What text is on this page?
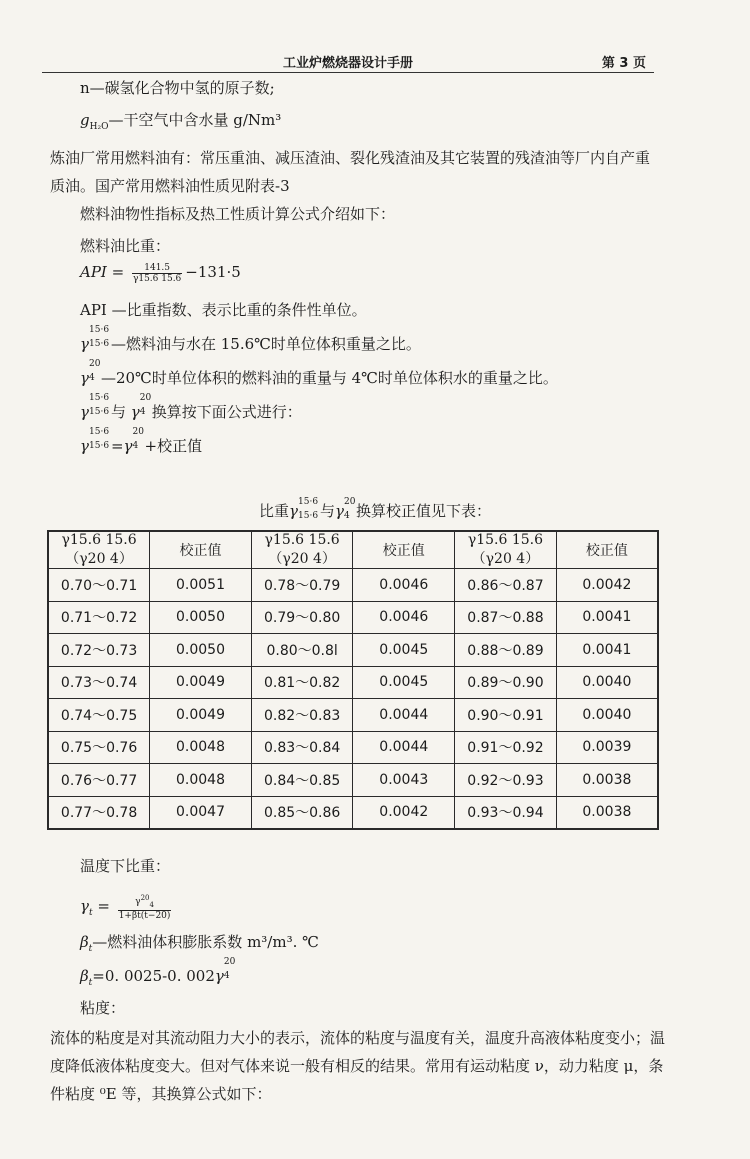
工业炉燃烧器设计手册	第 3 页
n—碳氢化合物中氢的原子数;
$g_{H_2O}—$干空气中含水量 g/Nm³
炼油厂常用燃料油有：常压重油、减压渣油、裂化残渣油及其它装置的残渣油等厂内自产重质油。国产常用燃料油性质见附表-3
燃料油物性指标及热工性质计算公式介绍如下：
燃料油比重：
API = $\frac{141.5}{\gamma 15.6 15.6} -131\cdot 5$
API —比重指数、表示比重的条件性单位。
γ
15·6
15·6 —燃料油与水在 15.6℃时单位体积重量之比。
γ
20
4 —20℃时单位体积的燃料油的重量与 4℃时单位体积水的重量之比。
γ
15·6
15·6 与 γ
20
4 换算按下面公式进行：
γ
15·6
15·6 =γ
20
4 +校正值
比重γ 15·6
15·6 与γ 20
4 换算校正值见下表：
γ15.6 15.6 （γ20 4）	校正值	γ15.6 15.6 （γ20 4）	校正值	γ15.6 15.6 （γ20 4）	校正值
0.70～0.71	0.0051	0.78～0.79	0.0046	0.86～0.87	0.0042
0.71～0.72	0.0050	0.79～0.80	0.0046	0.87～0.88	0.0041
0.72～0.73	0.0050	0.80～0.8l	0.0045	0.88～0.89	0.0041
0.73～0.74	0.0049	0.81～0.82	0.0045	0.89～0.90	0.0040
0.74～0.75	0.0049	0.82～0.83	0.0044	0.90～0.91	0.0040
0.75～0.76	0.0048	0.83～0.84	0.0044	0.91～0.92	0.0039
0.76～0.77	0.0048	0.84～0.85	0.0043	0.92～0.93	0.0038
0.77～0.78	0.0047	0.85～0.86	0.0042	0.93～0.94	0.0038
温度下比重：
$\gamma_t = \frac{\gamma^{20}_4}{1+\beta t(t-20)}$
$\beta_t—$燃料油体积膨胀系数 m³/m³. ℃
$\beta_t=0$. 0025-0. 002γ
20
4
粘度：
流体的粘度是对其流动阻力大小的表示，流体的粘度与温度有关，温度升高液体粘度变小；温度降低液体粘度变大。但对气体来说一般有相反的结果。常用有运动粘度 ν，动力粘度 μ，条件粘度 ⁰E 等，其换算公式如下：
